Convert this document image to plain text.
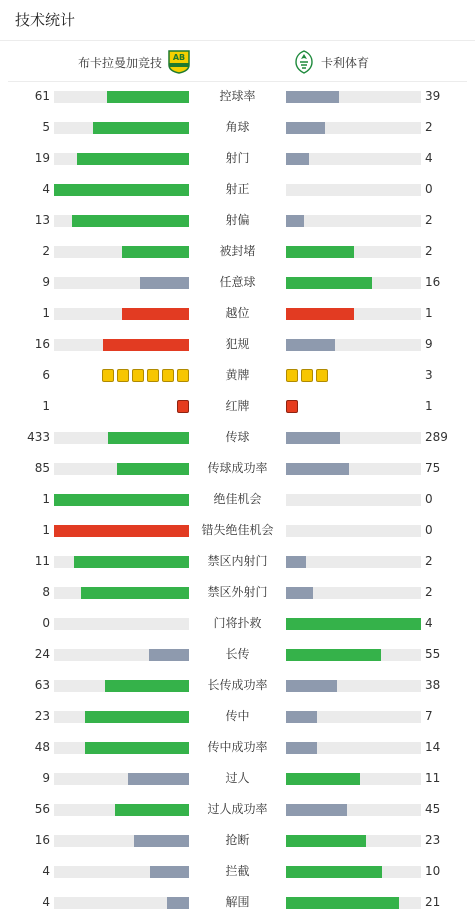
技术统计
布卡拉曼加竞技 AB	卡利体育
61	控球率	39
5	角球	2
19	射门	4
4	射正	0
13	射偏	2
2	被封堵	2
9	任意球	16
1	越位	1
16	犯规	9
6	黄牌	3
1	红牌	1
433	传球	289
85	传球成功率	75
1	绝佳机会	0
1	错失绝佳机会	0
11	禁区内射门	2
8	禁区外射门	2
0	门将扑救	4
24	长传	55
63	长传成功率	38
23	传中	7
48	传中成功率	14
9	过人	11
56	过人成功率	45
16	抢断	23
4	拦截	10
4	解围	21
